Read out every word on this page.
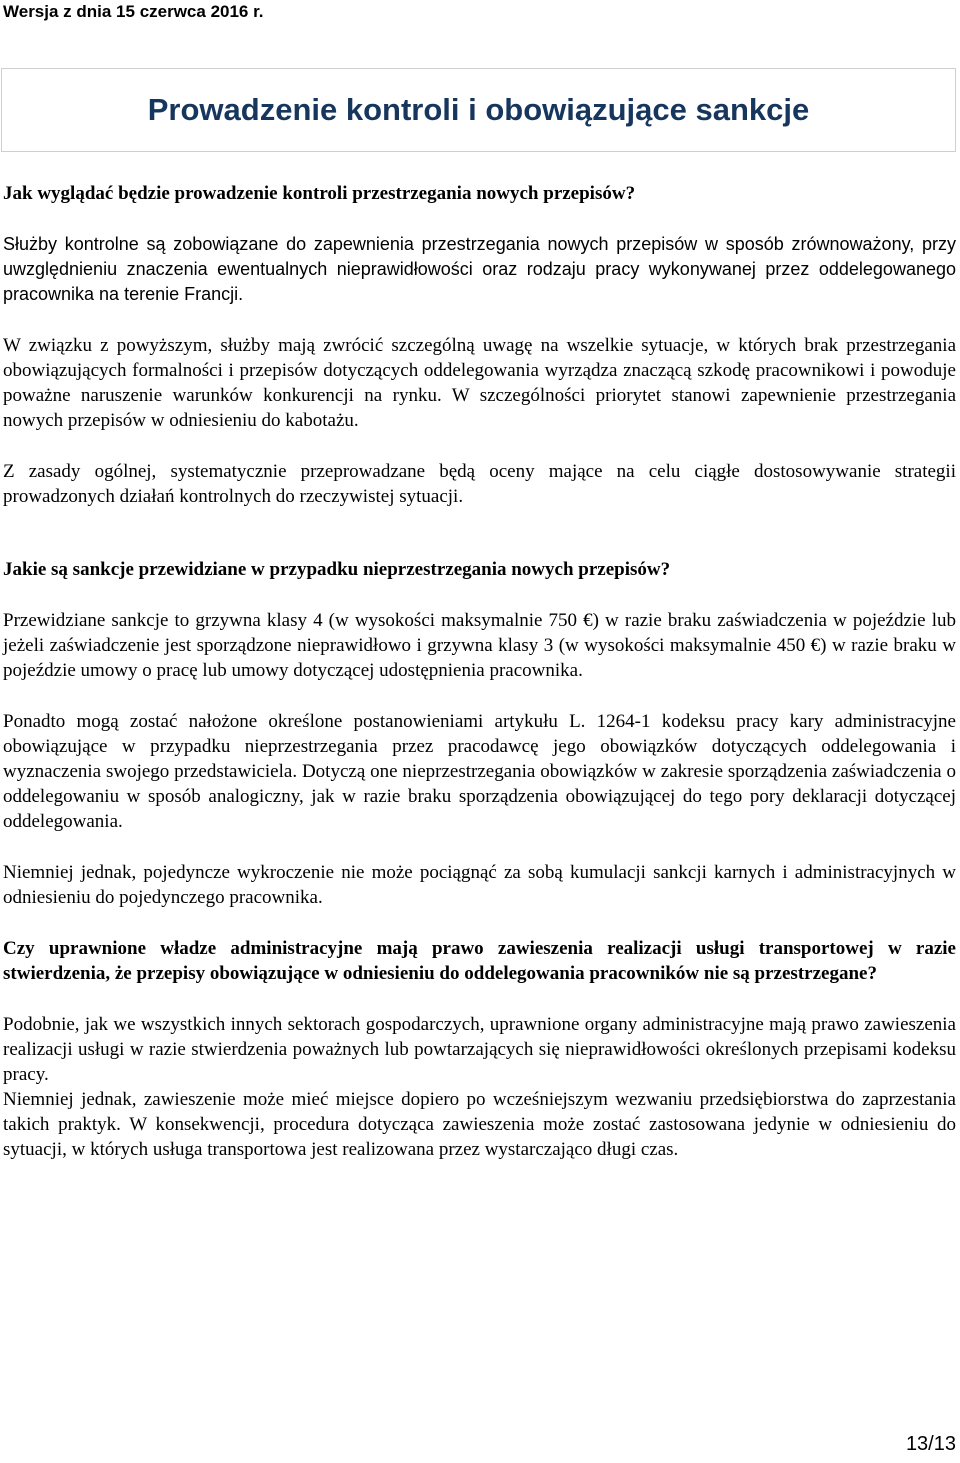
Wersja z dnia 15 czerwca 2016 r.
Prowadzenie kontroli i obowiązujące sankcje
Jak wyglądać będzie prowadzenie kontroli przestrzegania nowych przepisów?

Służby kontrolne są zobowiązane do zapewnienia przestrzegania nowych przepisów w sposób zrównoważony, przy uwzględnieniu znaczenia ewentualnych nieprawidłowości oraz rodzaju pracy wykonywanej przez oddelegowanego pracownika na terenie Francji.

W związku z powyższym, służby mają zwrócić szczególną uwagę na wszelkie sytuacje, w których brak przestrzegania obowiązujących formalności i przepisów dotyczących oddelegowania wyrządza znaczącą szkodę pracownikowi i powoduje poważne naruszenie warunków konkurencji na rynku. W szczególności priorytet stanowi zapewnienie przestrzegania nowych przepisów w odniesieniu do kabotażu.

Z zasady ogólnej, systematycznie przeprowadzane będą oceny mające na celu ciągłe dostosowywanie strategii prowadzonych działań kontrolnych do rzeczywistej sytuacji.

Jakie są sankcje przewidziane w przypadku nieprzestrzegania nowych przepisów?

Przewidziane sankcje to grzywna klasy 4 (w wysokości maksymalnie 750 €) w razie braku zaświadczenia w pojeździe lub jeżeli zaświadczenie jest sporządzone nieprawidłowo i grzywna klasy 3 (w wysokości maksymalnie 450 €) w razie braku w pojeździe umowy o pracę lub umowy dotyczącej udostępnienia pracownika.

Ponadto mogą zostać nałożone określone postanowieniami artykułu L. 1264-1 kodeksu pracy kary administracyjne obowiązujące w przypadku nieprzestrzegania przez pracodawcę jego obowiązków dotyczących oddelegowania i wyznaczenia swojego przedstawiciela. Dotyczą one nieprzestrzegania obowiązków w zakresie sporządzenia zaświadczenia o oddelegowaniu w sposób analogiczny, jak w razie braku sporządzenia obowiązującej do tego pory deklaracji dotyczącej oddelegowania.

Niemniej jednak, pojedyncze wykroczenie nie może pociągnąć za sobą kumulacji sankcji karnych i administracyjnych w odniesieniu do pojedynczego pracownika.

Czy uprawnione władze administracyjne mają prawo zawieszenia realizacji usługi transportowej w razie stwierdzenia, że przepisy obowiązujące w odniesieniu do oddelegowania pracowników nie są przestrzegane?

Podobnie, jak we wszystkich innych sektorach gospodarczych, uprawnione organy administracyjne mają prawo zawieszenia realizacji usługi w razie stwierdzenia poważnych lub powtarzających się nieprawidłowości określonych przepisami kodeksu pracy.

Niemniej jednak, zawieszenie może mieć miejsce dopiero po wcześniejszym wezwaniu przedsiębiorstwa do zaprzestania takich praktyk. W konsekwencji, procedura dotycząca zawieszenia może zostać zastosowana jedynie w odniesieniu do sytuacji, w których usługa transportowa jest realizowana przez wystarczająco długi czas.

13/13
